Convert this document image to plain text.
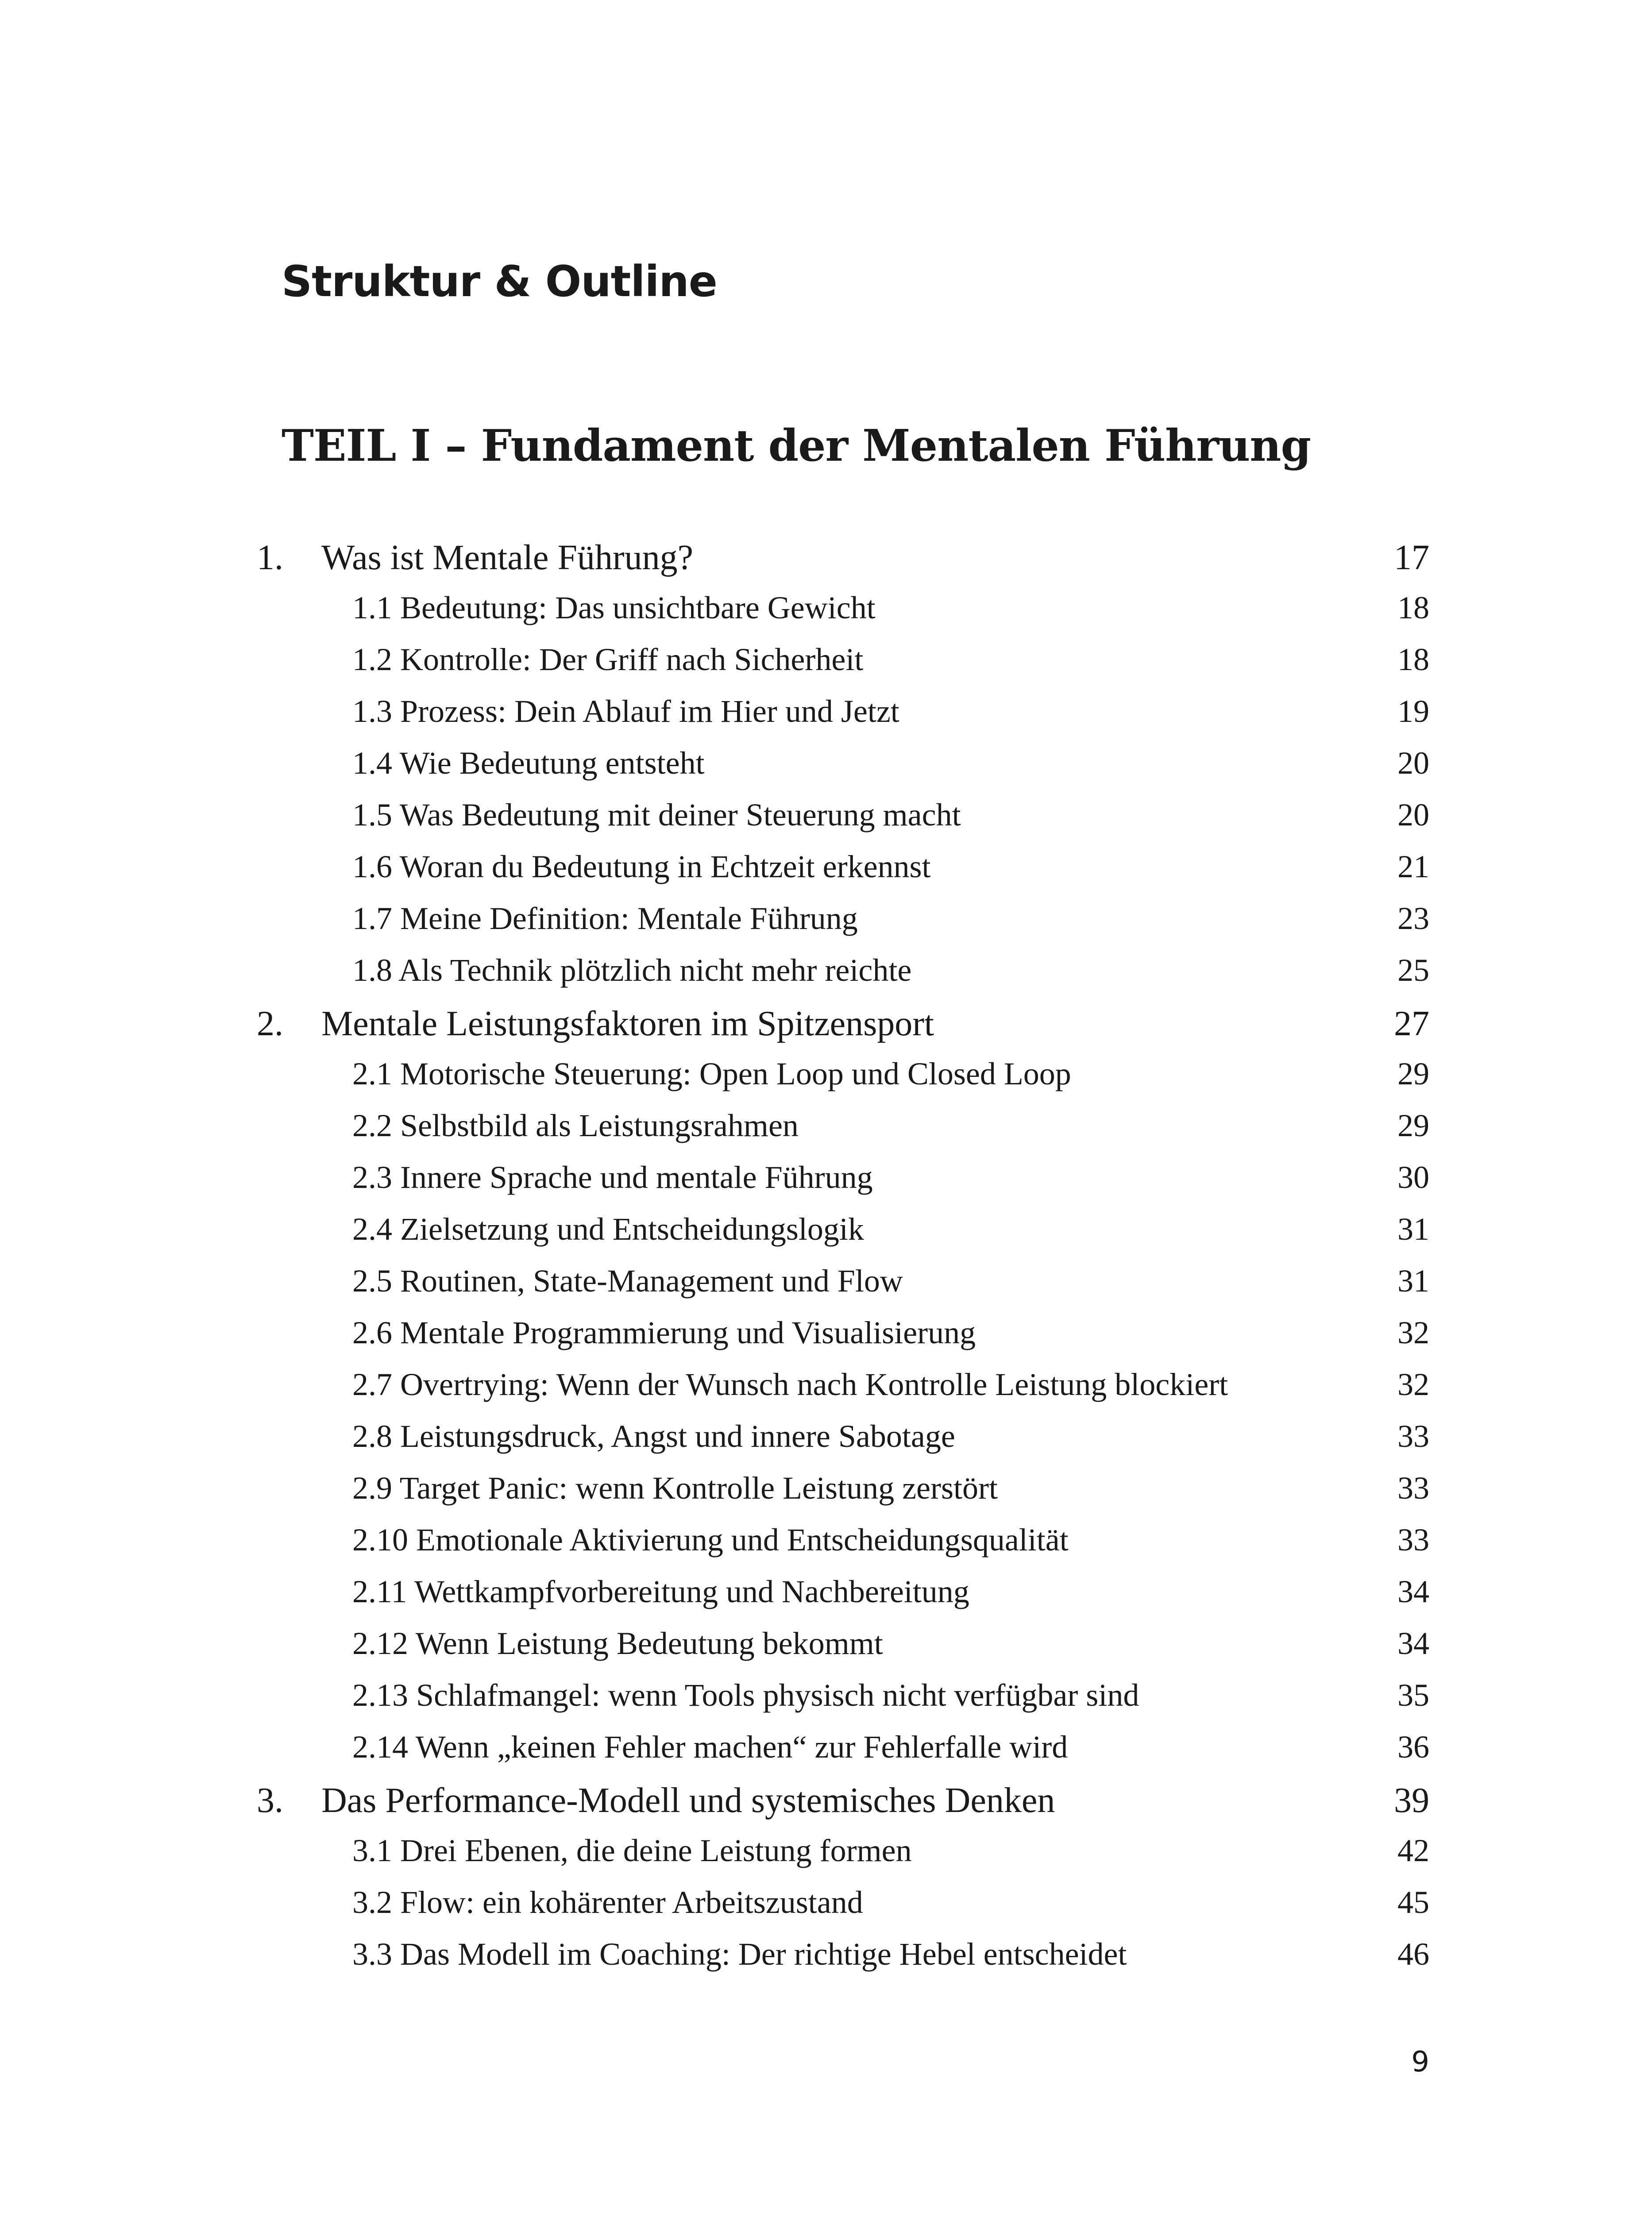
Struktur & Outline
TEIL I – Fundament der Mentalen Führung
1. Was ist Mentale Führung?	17
1.1 Bedeutung: Das unsichtbare Gewicht	18
1.2 Kontrolle: Der Griff nach Sicherheit	18
1.3 Prozess: Dein Ablauf im Hier und Jetzt	19
1.4 Wie Bedeutung entsteht	20
1.5 Was Bedeutung mit deiner Steuerung macht	20
1.6 Woran du Bedeutung in Echtzeit erkennst	21
1.7 Meine Definition: Mentale Führung	23
1.8 Als Technik plötzlich nicht mehr reichte	25
2. Mentale Leistungsfaktoren im Spitzensport	27
2.1 Motorische Steuerung: Open Loop und Closed Loop	29
2.2 Selbstbild als Leistungsrahmen	29
2.3 Innere Sprache und mentale Führung	30
2.4 Zielsetzung und Entscheidungslogik	31
2.5 Routinen, State-Management und Flow	31
2.6 Mentale Programmierung und Visualisierung	32
2.7 Overtrying: Wenn der Wunsch nach Kontrolle Leistung blockiert	32
2.8 Leistungsdruck, Angst und innere Sabotage	33
2.9 Target Panic: wenn Kontrolle Leistung zerstört	33
2.10 Emotionale Aktivierung und Entscheidungsqualität	33
2.11 Wettkampfvorbereitung und Nachbereitung	34
2.12 Wenn Leistung Bedeutung bekommt	34
2.13 Schlafmangel: wenn Tools physisch nicht verfügbar sind	35
2.14 Wenn „keinen Fehler machen“ zur Fehlerfalle wird	36
3. Das Performance-Modell und systemisches Denken	39
3.1 Drei Ebenen, die deine Leistung formen	42
3.2 Flow: ein kohärenter Arbeitszustand	45
3.3 Das Modell im Coaching: Der richtige Hebel entscheidet	46
9
